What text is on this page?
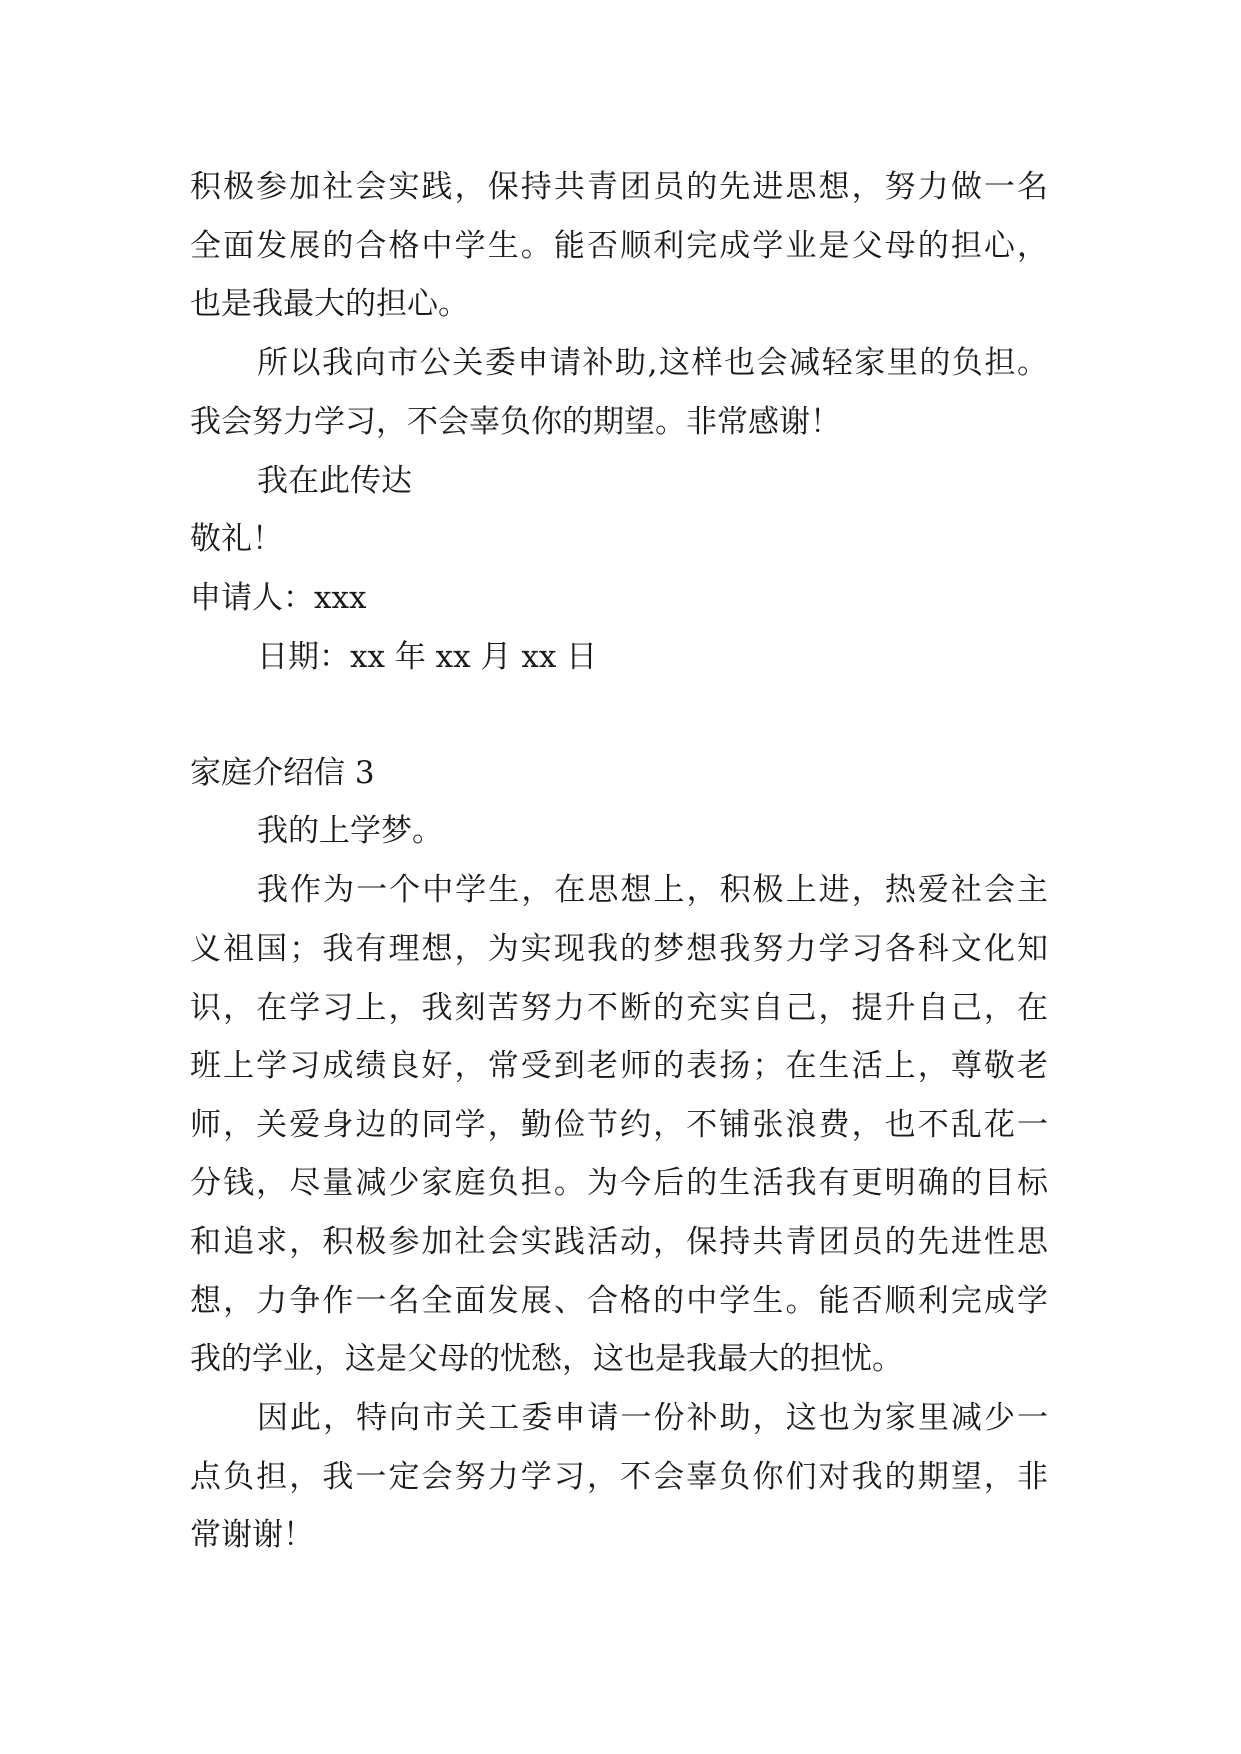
积极参加社会实践，保持共青团员的先进思想，努力做一名
全面发展的合格中学生。能否顺利完成学业是父母的担心，
也是我最大的担心。
所以我向市公关委申请补助,这样也会减轻家里的负担。
我会努力学习，不会辜负你的期望。非常感谢！
我在此传达
敬礼！
申请人：xxx
日期：xx 年 xx 月 xx 日
家庭介绍信 3
我的上学梦。
我作为一个中学生，在思想上，积极上进，热爱社会主
义祖国；我有理想，为实现我的梦想我努力学习各科文化知
识，在学习上，我刻苦努力不断的充实自己，提升自己，在
班上学习成绩良好，常受到老师的表扬；在生活上，尊敬老
师，关爱身边的同学，勤俭节约，不铺张浪费，也不乱花一
分钱，尽量减少家庭负担。为今后的生活我有更明确的目标
和追求，积极参加社会实践活动，保持共青团员的先进性思
想，力争作一名全面发展、合格的中学生。能否顺利完成学
我的学业，这是父母的忧愁，这也是我最大的担忧。
因此，特向市关工委申请一份补助，这也为家里减少一
点负担，我一定会努力学习，不会辜负你们对我的期望，非
常谢谢！
